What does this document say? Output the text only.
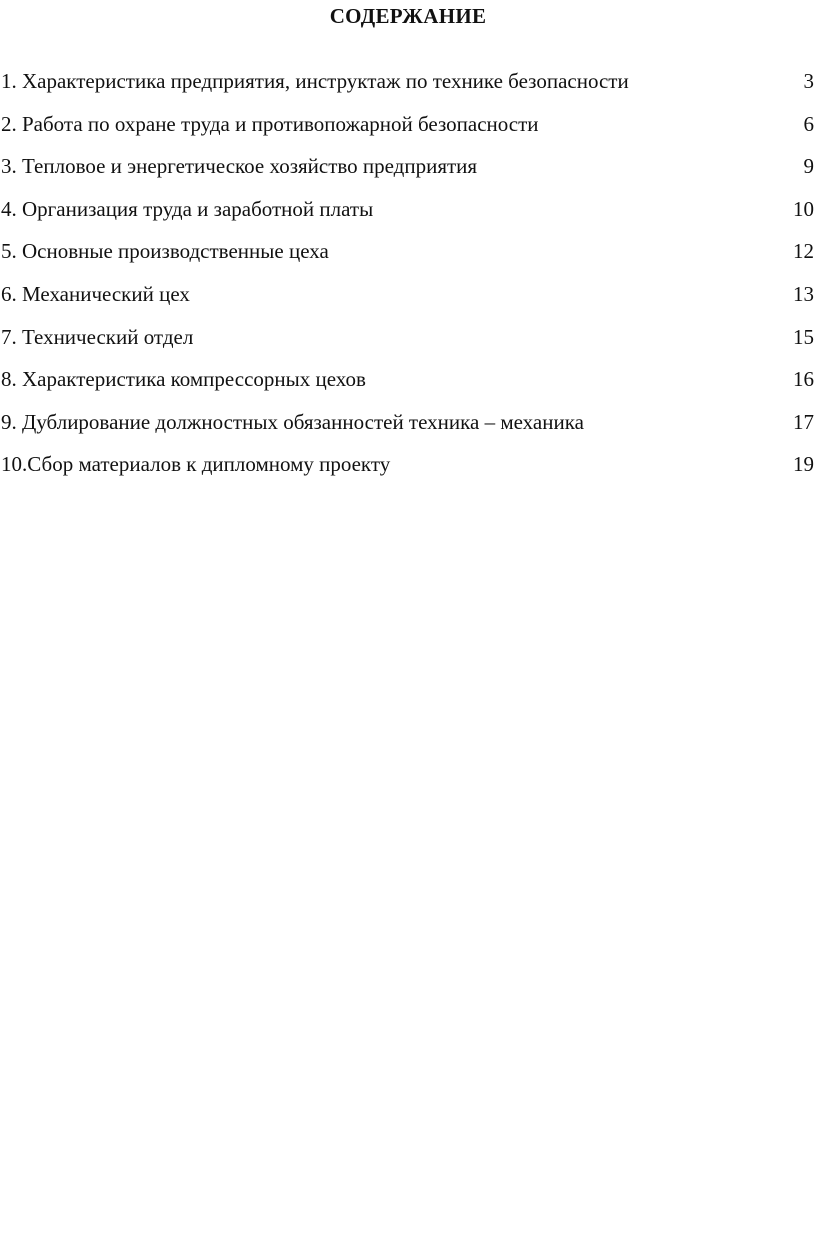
СОДЕРЖАНИЕ
1. Характеристика предприятия, инструктаж по технике безопасности	3
2. Работа по охране труда и противопожарной безопасности	6
3. Тепловое и энергетическое хозяйство предприятия	9
4. Организация труда и заработной платы	10
5. Основные производственные цеха	12
6. Механический цех	13
7. Технический отдел	15
8. Характеристика компрессорных цехов	16
9. Дублирование должностных обязанностей техника – механика	17
10.Сбор материалов к дипломному проекту	19
